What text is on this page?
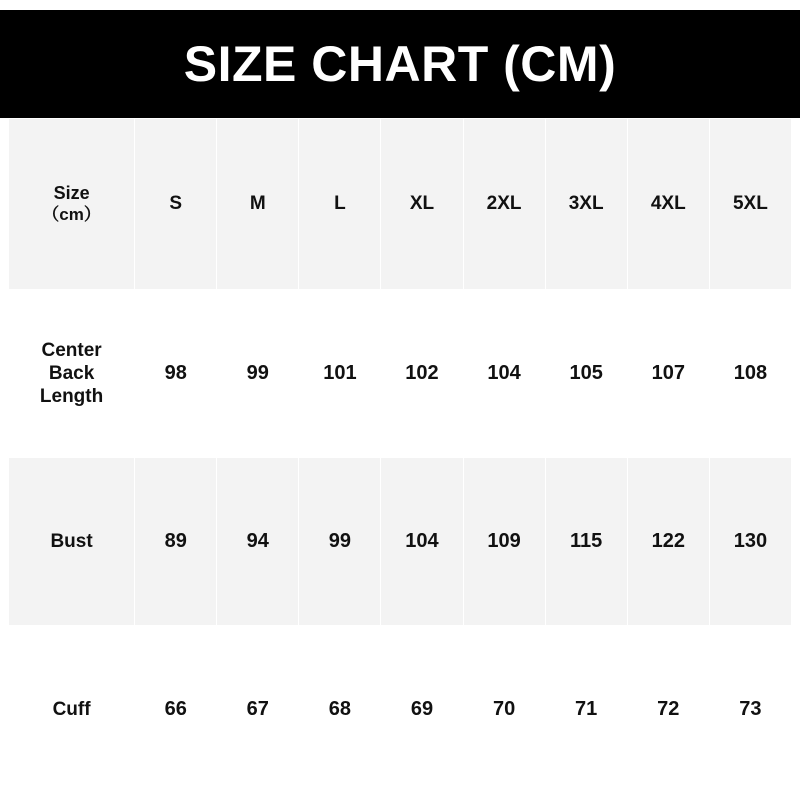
SIZE CHART (CM)
Size
（cm）	S	M	L	XL	2XL	3XL	4XL	5XL

Center
Back
Length	98	99	101	102	104	105	107	108

Bust	89	94	99	104	109	115	122	130

Cuff	66	67	68	69	70	71	72	73
